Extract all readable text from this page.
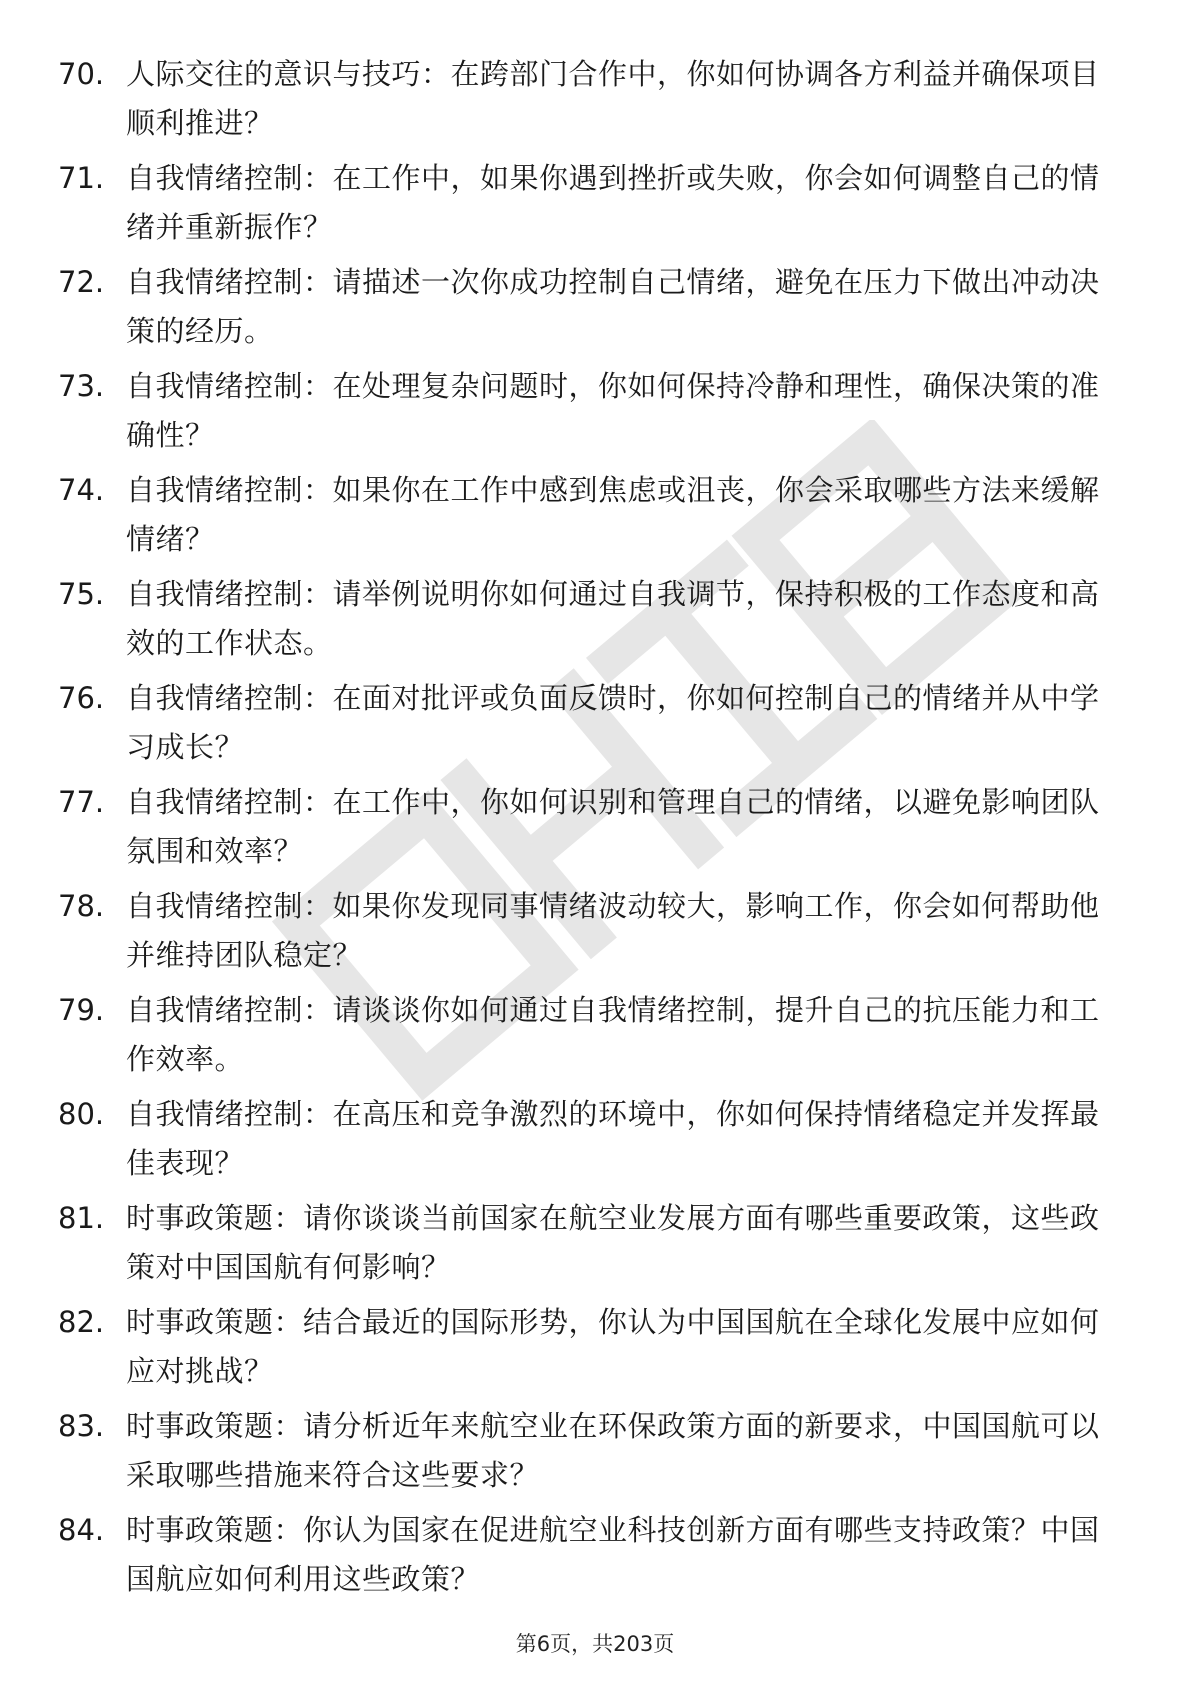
70. 人际交往的意识与技巧：在跨部门合作中，你如何协调各方利益并确保项目顺利推进？
71. 自我情绪控制：在工作中，如果你遇到挫折或失败，你会如何调整自己的情绪并重新振作？
72. 自我情绪控制：请描述一次你成功控制自己情绪，避免在压力下做出冲动决策的经历。
73. 自我情绪控制：在处理复杂问题时，你如何保持冷静和理性，确保决策的准确性？
74. 自我情绪控制：如果你在工作中感到焦虑或沮丧，你会采取哪些方法来缓解情绪？
75. 自我情绪控制：请举例说明你如何通过自我调节，保持积极的工作态度和高效的工作状态。
76. 自我情绪控制：在面对批评或负面反馈时，你如何控制自己的情绪并从中学习成长？
77. 自我情绪控制：在工作中，你如何识别和管理自己的情绪，以避免影响团队氛围和效率？
78. 自我情绪控制：如果你发现同事情绪波动较大，影响工作，你会如何帮助他并维持团队稳定？
79. 自我情绪控制：请谈谈你如何通过自我情绪控制，提升自己的抗压能力和工作效率。
80. 自我情绪控制：在高压和竞争激烈的环境中，你如何保持情绪稳定并发挥最佳表现？
81. 时事政策题：请你谈谈当前国家在航空业发展方面有哪些重要政策，这些政策对中国国航有何影响？
82. 时事政策题：结合最近的国际形势，你认为中国国航在全球化发展中应如何应对挑战？
83. 时事政策题：请分析近年来航空业在环保政策方面的新要求，中国国航可以采取哪些措施来符合这些要求？
84. 时事政策题：你认为国家在促进航空业科技创新方面有哪些支持政策？中国国航应如何利用这些政策？
第6页，共203页
